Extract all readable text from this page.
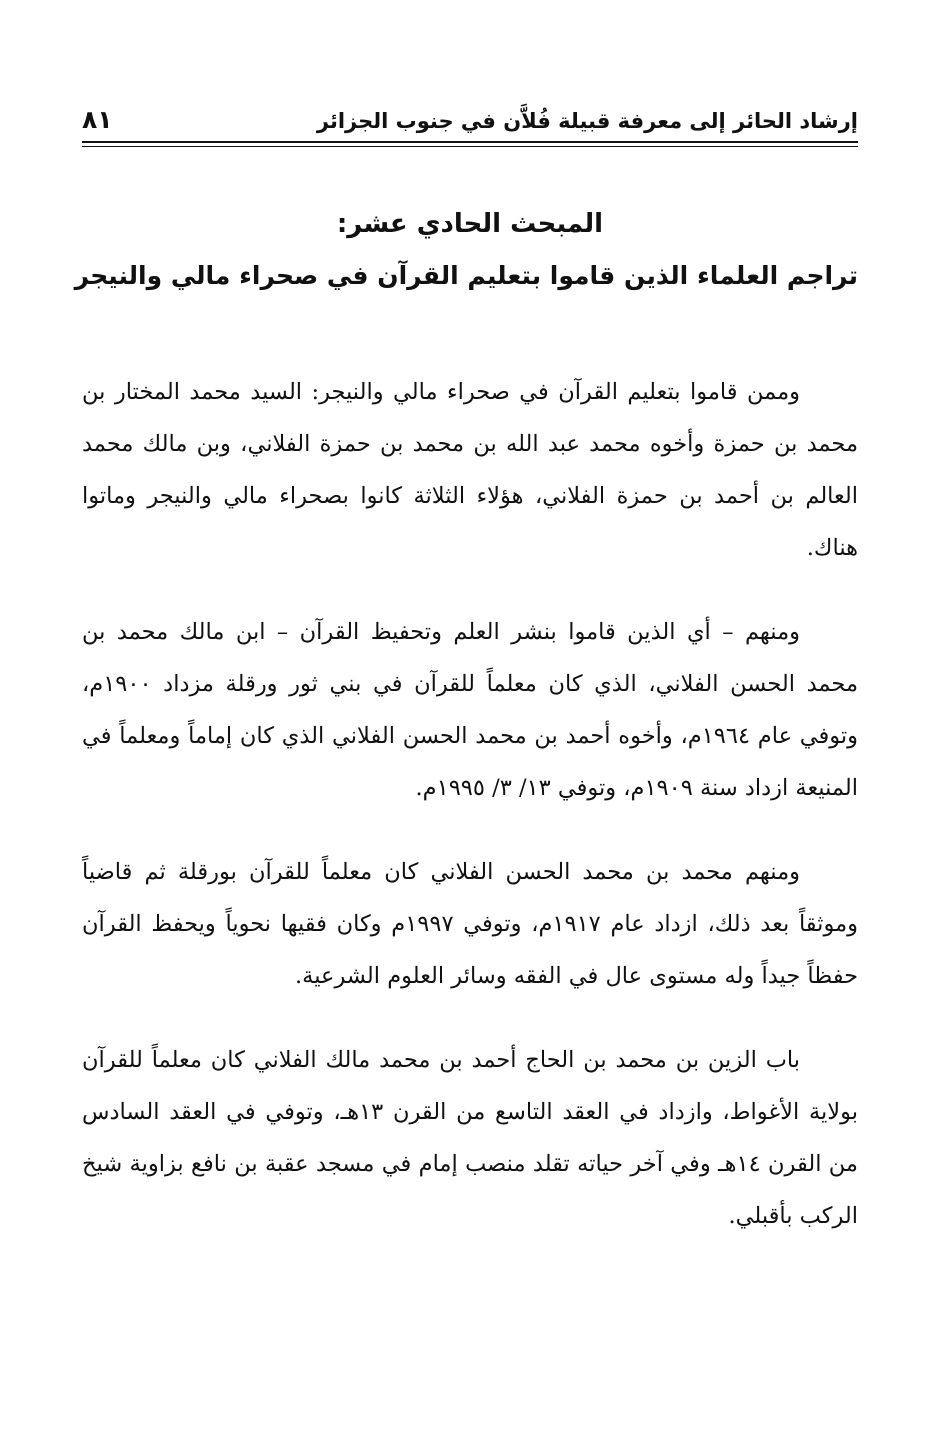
إرشاد الحائر إلى معرفة قبيلة فُلاَّن في جنوب الجزائر
٨١
المبحث الحادي عشر:
تراجم العلماء الذين قاموا بتعليم القرآن في صحراء مالي والنيجر

وممن قاموا بتعليم القرآن في صحراء مالي والنيجر: السيد محمد المختار بن محمد بن حمزة وأخوه محمد عبد الله بن محمد بن حمزة الفلاني، وبن مالك محمد العالم بن أحمد بن حمزة الفلاني، هؤلاء الثلاثة كانوا بصحراء مالي والنيجر وماتوا هناك.

ومنهم – أي الذين قاموا بنشر العلم وتحفيظ القرآن – ابن مالك محمد بن محمد الحسن الفلاني، الذي كان معلماً للقرآن في بني ثور ورقلة مزداد ١٩٠٠م، وتوفي عام ١٩٦٤م، وأخوه أحمد بن محمد الحسن الفلاني الذي كان إماماً ومعلماً في المنيعة ازداد سنة ١٩٠٩م، وتوفي ١٣/ ٣/ ١٩٩٥م.

ومنهم محمد بن محمد الحسن الفلاني كان معلماً للقرآن بورقلة ثم قاضياً وموثقاً بعد ذلك، ازداد عام ١٩١٧م، وتوفي ١٩٩٧م وكان فقيها نحوياً ويحفظ القرآن حفظاً جيداً وله مستوى عال في الفقه وسائر العلوم الشرعية.

باب الزين بن محمد بن الحاج أحمد بن محمد مالك الفلاني كان معلماً للقرآن بولاية الأغواط، وازداد في العقد التاسع من القرن ١٣هـ، وتوفي في العقد السادس من القرن ١٤هـ وفي آخر حياته تقلد منصب إمام في مسجد عقبة بن نافع بزاوية شيخ الركب بأقبلي.
